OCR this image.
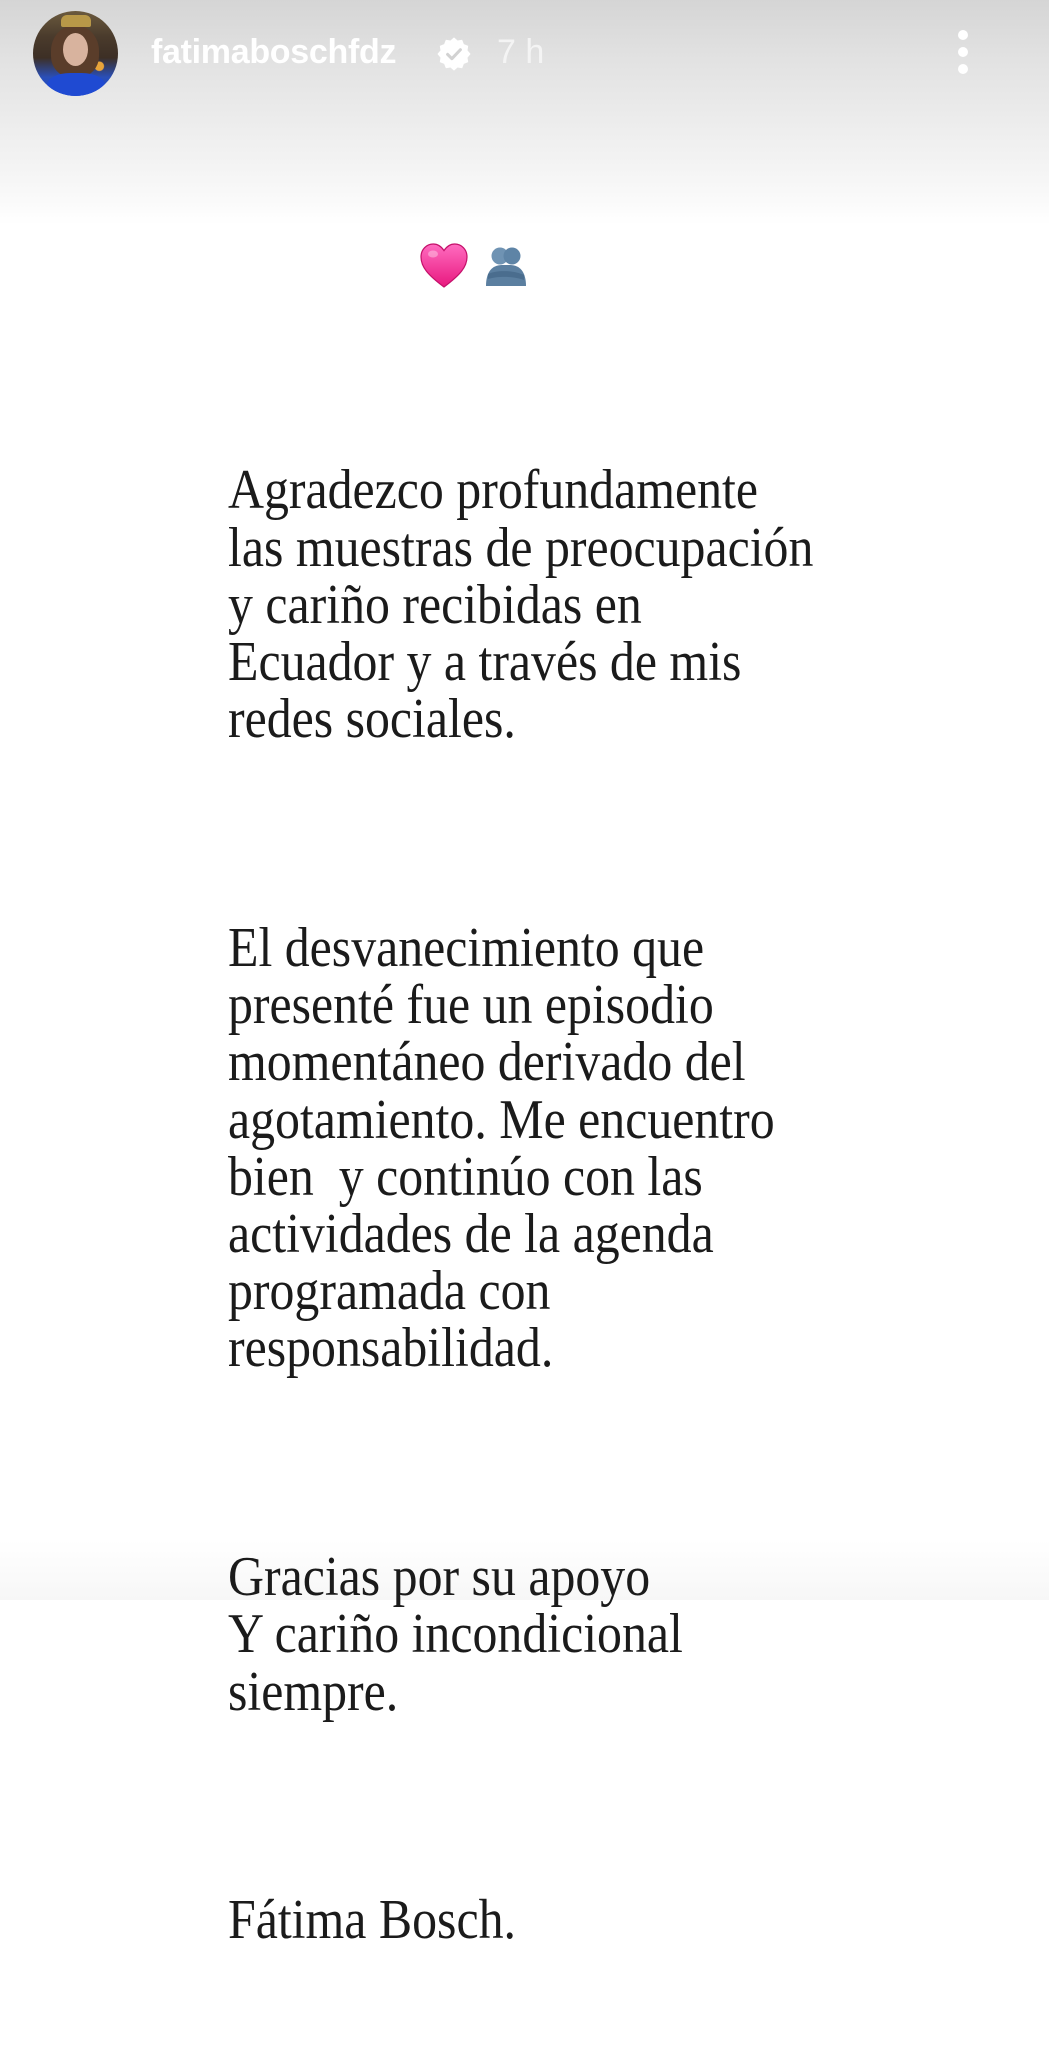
fatimaboschfdz	7 h

Agradezco profundamente
las muestras de preocupación
y cariño recibidas en
Ecuador y a través de mis
redes sociales.

El desvanecimiento que
presenté fue un episodio
momentáneo derivado del
agotamiento. Me encuentro
bien  y continúo con las
actividades de la agenda
programada con
responsabilidad.

Gracias por su apoyo
Y cariño incondicional
siempre.

Fátima Bosch.
